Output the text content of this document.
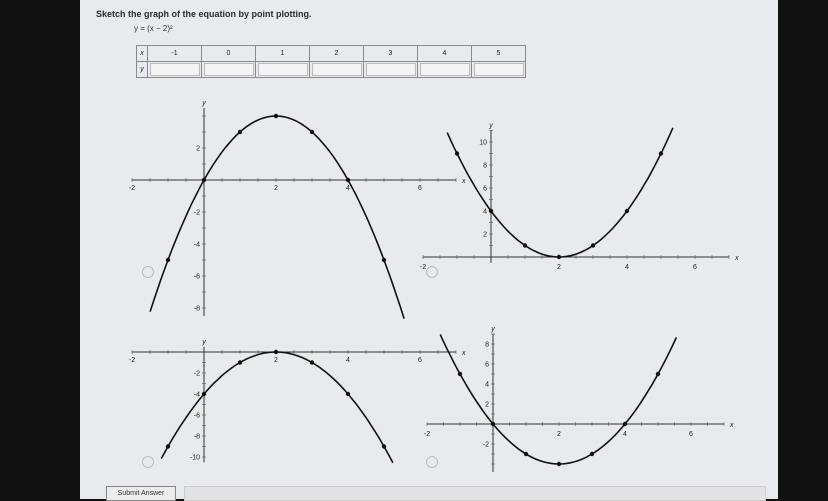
Sketch the graph of the equation by point plotting.
y = (x − 2)²
x	-1	0	1	2	3	4	5
y	

-2	2	4	6
2
-2
-4
-6
-8
x
y
-2	2	4	6
10
8
6
4
2
x
y
-2	2	4	6
-2
-4
-6
-8
-10
x
y
-2	2	4	6
8
6
4
2
-2
x
y
Submit Answer
